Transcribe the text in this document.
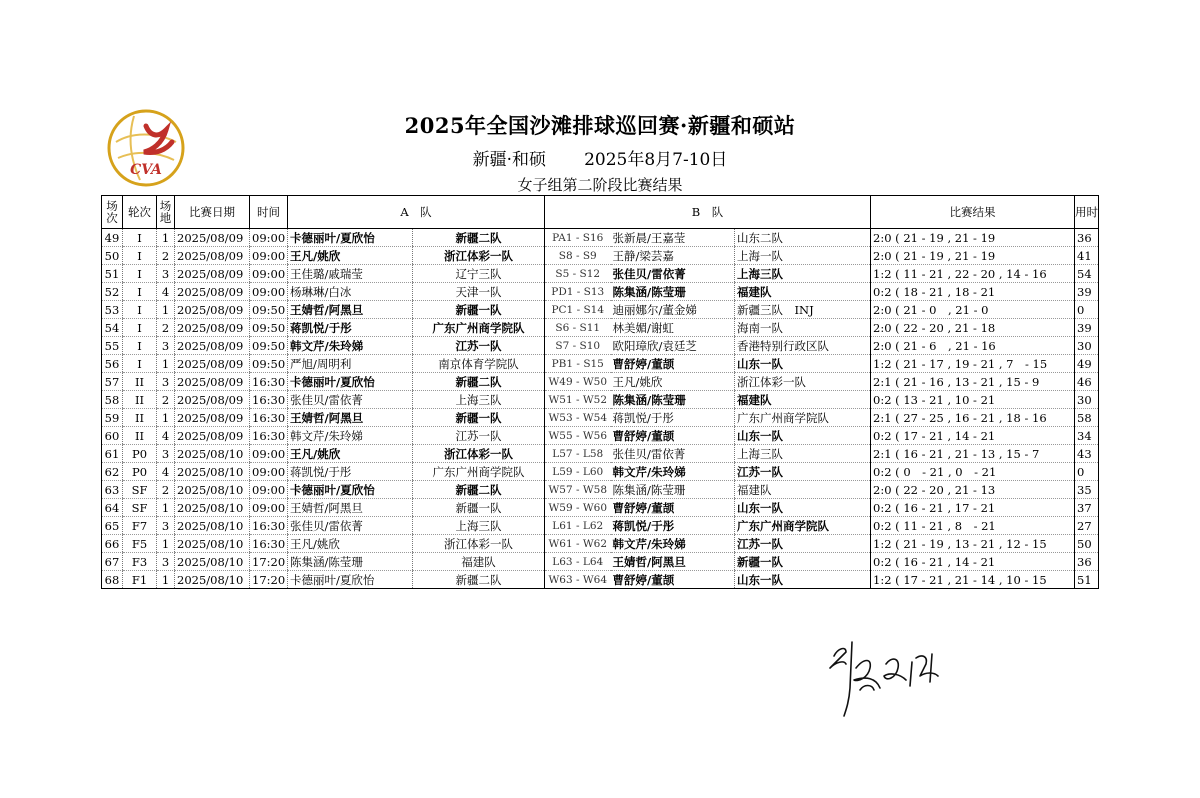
CVA
2025年全国沙滩排球巡回赛·新疆和硕站
新疆·和硕 2025年8月7-10日
女子组第二阶段比赛结果
场次	轮次	场地	比赛日期	时间	A　队		B　队			比赛结果	用时
49	I	1	2025/08/09	09:00	卡德丽叶/夏欣怡	新疆二队	PA1 - S16	张新晨/王嘉莹	山东二队	2:0 ( 21 - 19 , 21 - 19	36
50	I	2	2025/08/09	09:00	王凡/姚欣	浙江体彩一队	S8 - S9	王静/梁芸嘉	上海一队	2:0 ( 21 - 19 , 21 - 19	41
51	I	3	2025/08/09	09:00	王佳璐/戚瑞莹	辽宁三队	S5 - S12	张佳贝/雷依菁	上海三队	1:2 ( 11 - 21 , 22 - 20 , 14 - 16	54
52	I	4	2025/08/09	09:00	杨琳琳/白冰	天津一队	PD1 - S13	陈集涵/陈莹珊	福建队	0:2 ( 18 - 21 , 18 - 21	39
53	I	1	2025/08/09	09:50	王婧哲/阿黑旦	新疆一队	PC1 - S14	迪丽娜尔/董金娣	新疆三队　INJ	2:0 ( 21 - 0　, 21 - 0	0
54	I	2	2025/08/09	09:50	蒋凯悦/于彤	广东广州商学院队	S6 - S11	林美媚/谢虹	海南一队	2:0 ( 22 - 20 , 21 - 18	39
55	I	3	2025/08/09	09:50	韩文芹/朱玲娣	江苏一队	S7 - S10	欧阳璋欣/袁廷芝	香港特别行政区队	2:0 ( 21 - 6　, 21 - 16	30
56	I	1	2025/08/09	09:50	严旭/周明利	南京体育学院队	PB1 - S15	曹舒婷/董颉	山东一队	1:2 ( 21 - 17 , 19 - 21 , 7　- 15	49
57	II	3	2025/08/09	16:30	卡德丽叶/夏欣怡	新疆二队	W49 - W50	王凡/姚欣	浙江体彩一队	2:1 ( 21 - 16 , 13 - 21 , 15 - 9	46
58	II	2	2025/08/09	16:30	张佳贝/雷依菁	上海三队	W51 - W52	陈集涵/陈莹珊	福建队	0:2 ( 13 - 21 , 10 - 21	30
59	II	1	2025/08/09	16:30	王婧哲/阿黑旦	新疆一队	W53 - W54	蒋凯悦/于彤	广东广州商学院队	2:1 ( 27 - 25 , 16 - 21 , 18 - 16	58
60	II	4	2025/08/09	16:30	韩文芹/朱玲娣	江苏一队	W55 - W56	曹舒婷/董颉	山东一队	0:2 ( 17 - 21 , 14 - 21	34
61	P0	3	2025/08/10	09:00	王凡/姚欣	浙江体彩一队	L57 - L58	张佳贝/雷依菁	上海三队	2:1 ( 16 - 21 , 21 - 13 , 15 - 7	43
62	P0	4	2025/08/10	09:00	蒋凯悦/于彤	广东广州商学院队	L59 - L60	韩文芹/朱玲娣	江苏一队	0:2 ( 0　- 21 , 0　- 21	0
63	SF	2	2025/08/10	09:00	卡德丽叶/夏欣怡	新疆二队	W57 - W58	陈集涵/陈莹珊	福建队	2:0 ( 22 - 20 , 21 - 13	35
64	SF	1	2025/08/10	09:00	王婧哲/阿黑旦	新疆一队	W59 - W60	曹舒婷/董颉	山东一队	0:2 ( 16 - 21 , 17 - 21	37
65	F7	3	2025/08/10	16:30	张佳贝/雷依菁	上海三队	L61 - L62	蒋凯悦/于彤	广东广州商学院队	0:2 ( 11 - 21 , 8　- 21	27
66	F5	1	2025/08/10	16:30	王凡/姚欣	浙江体彩一队	W61 - W62	韩文芹/朱玲娣	江苏一队	1:2 ( 21 - 19 , 13 - 21 , 12 - 15	50
67	F3	3	2025/08/10	17:20	陈集涵/陈莹珊	福建队	L63 - L64	王婧哲/阿黑旦	新疆一队	0:2 ( 16 - 21 , 14 - 21	36
68	F1	1	2025/08/10	17:20	卡德丽叶/夏欣怡	新疆二队	W63 - W64	曹舒婷/董颉	山东一队	1:2 ( 17 - 21 , 21 - 14 , 10 - 15	51
